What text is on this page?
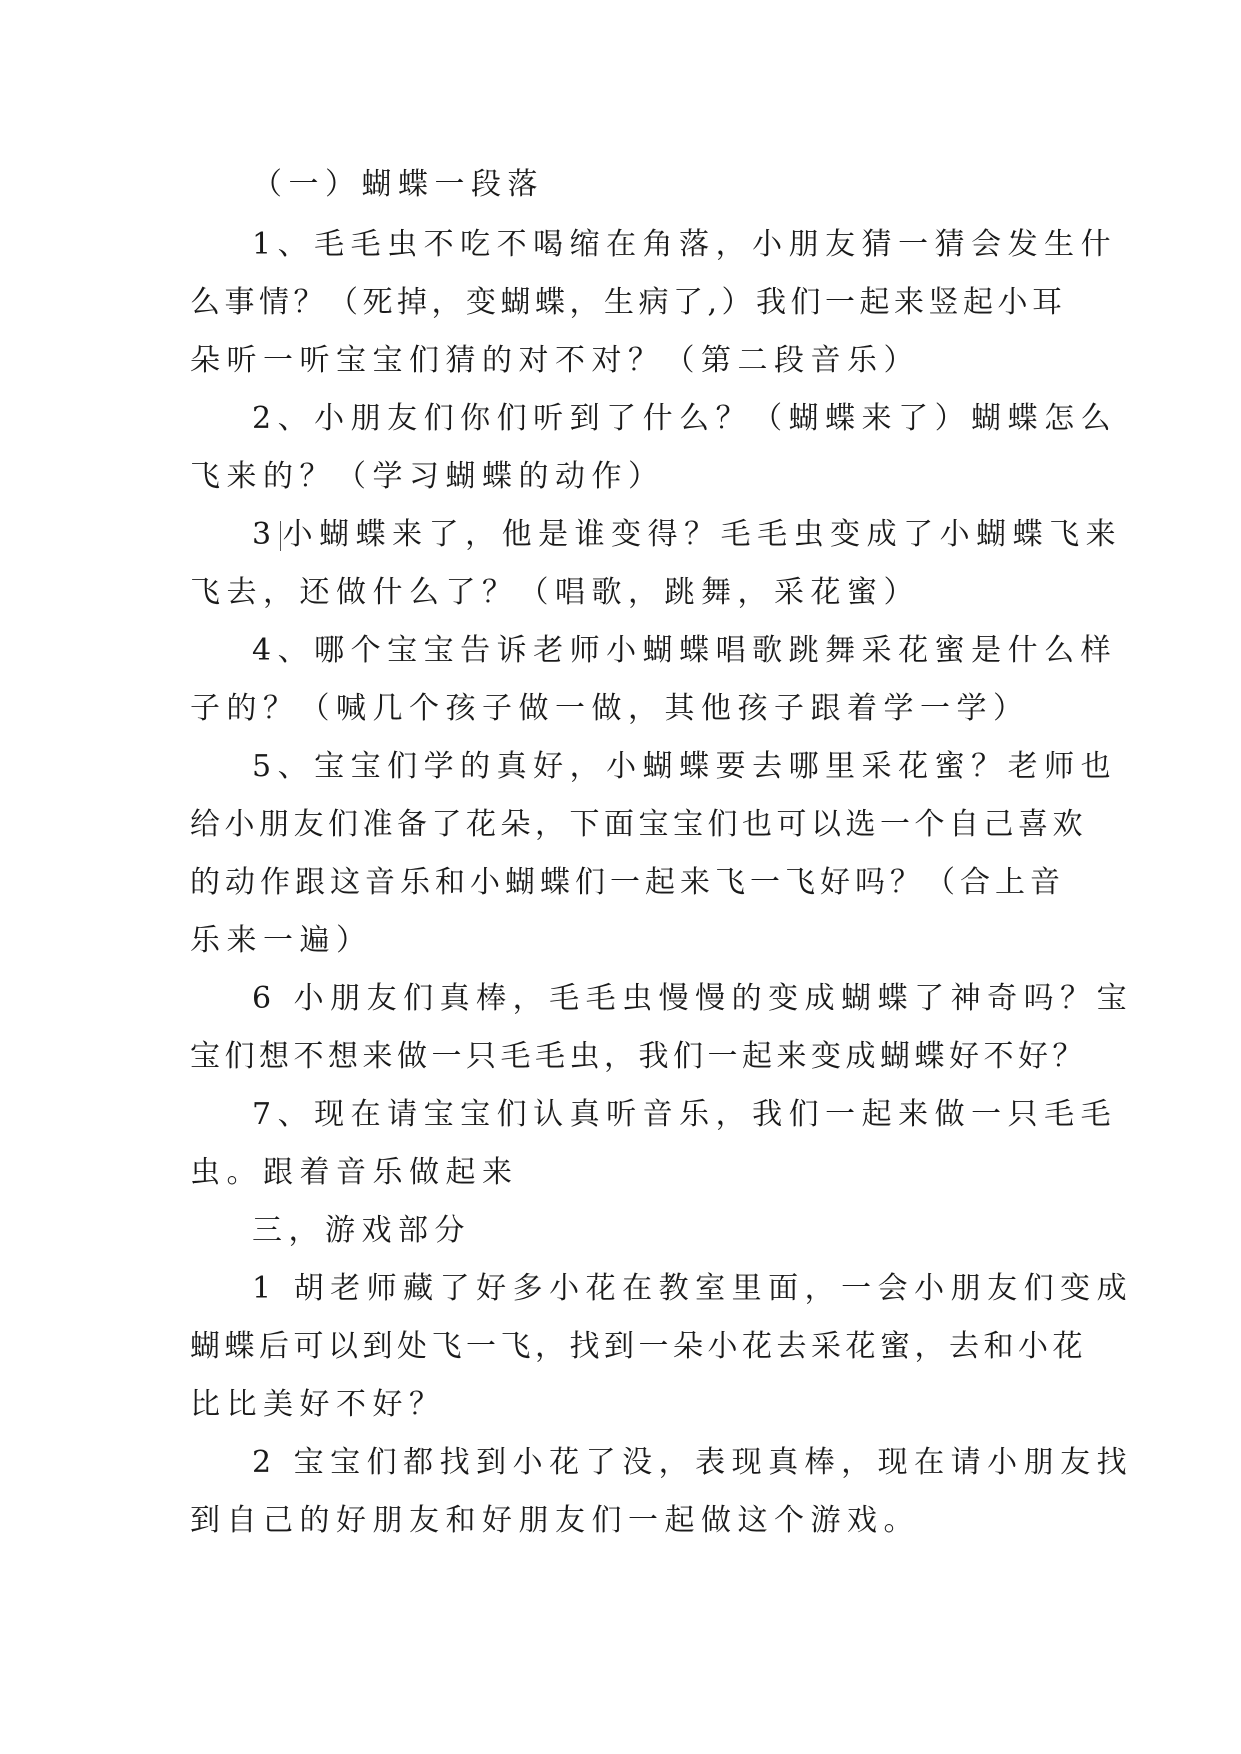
（一）蝴蝶一段落
1、毛毛虫不吃不喝缩在角落，小朋友猜一猜会发生什
么事情？（死掉，变蝴蝶，生病了,）我们一起来竖起小耳
朵听一听宝宝们猜的对不对？（第二段音乐）
2、小朋友们你们听到了什么？（蝴蝶来了）蝴蝶怎么
飞来的？（学习蝴蝶的动作）
3 小蝴蝶来了，他是谁变得？毛毛虫变成了小蝴蝶飞来
飞去，还做什么了？（唱歌，跳舞，采花蜜）
4、哪个宝宝告诉老师小蝴蝶唱歌跳舞采花蜜是什么样
子的？（喊几个孩子做一做，其他孩子跟着学一学）
5、宝宝们学的真好，小蝴蝶要去哪里采花蜜？老师也
给小朋友们准备了花朵，下面宝宝们也可以选一个自己喜欢
的动作跟这音乐和小蝴蝶们一起来飞一飞好吗？（合上音
乐来一遍）
6 小朋友们真棒，毛毛虫慢慢的变成蝴蝶了神奇吗？宝
宝们想不想来做一只毛毛虫，我们一起来变成蝴蝶好不好？
7、现在请宝宝们认真听音乐，我们一起来做一只毛毛
虫。跟着音乐做起来
三，游戏部分
1 胡老师藏了好多小花在教室里面，一会小朋友们变成
蝴蝶后可以到处飞一飞，找到一朵小花去采花蜜，去和小花
比比美好不好？
2 宝宝们都找到小花了没，表现真棒，现在请小朋友找
到自己的好朋友和好朋友们一起做这个游戏。
